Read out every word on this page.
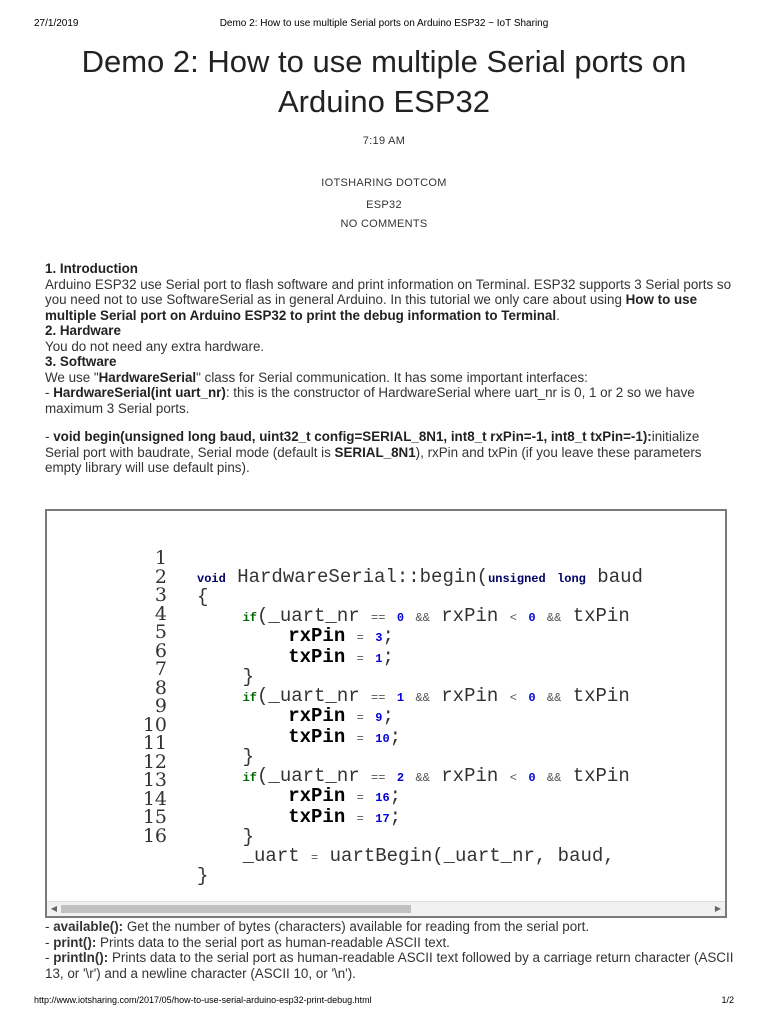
27/1/2019	Demo 2: How to use multiple Serial ports on Arduino ESP32 ~ IoT Sharing
Demo 2: How to use multiple Serial ports on Arduino ESP32
7:19 AM
IOTSHARING DOTCOM
ESP32
NO COMMENTS

1. Introduction

Arduino ESP32 use Serial port to flash software and print information on Terminal. ESP32 supports 3 Serial ports so you need not to use SoftwareSerial as in general Arduino. In this tutorial we only care about using How to use multiple Serial port on Arduino ESP32 to print the debug information to Terminal.

2. Hardware

You do not need any extra hardware.

3. Software

We use "HardwareSerial" class for Serial communication. It has some important interfaces:

- HardwareSerial(int uart_nr): this is the constructor of HardwareSerial where uart_nr is 0, 1 or 2 so we have maximum 3 Serial ports.

- void begin(unsigned long baud, uint32_t config=SERIAL_8N1, int8_t rxPin=-1, int8_t txPin=-1):initialize Serial port with baudrate, Serial mode (default is SERIAL_8N1), rxPin and txPin (if you leave these parameters empty library will use default pins).

1
2
3
4
5
6
7
8
9
10
11
12
13
14
15
16

void HardwareSerial::begin(unsigned long baud
{
if(_uart_nr == 0 && rxPin < 0 && txPin
rxPin = 3;
txPin = 1;
}
if(_uart_nr == 1 && rxPin < 0 && txPin
rxPin = 9;
txPin = 10;
}
if(_uart_nr == 2 && rxPin < 0 && txPin
rxPin = 16;
txPin = 17;
}
_uart = uartBegin(_uart_nr, baud,
}

◀	▶

- available(): Get the number of bytes (characters) available for reading from the serial port.

- print(): Prints data to the serial port as human-readable ASCII text.

- println(): Prints data to the serial port as human-readable ASCII text followed by a carriage return character (ASCII 13, or '\r') and a newline character (ASCII 10, or '\n').

http://www.iotsharing.com/2017/05/how-to-use-serial-arduino-esp32-print-debug.html	1/2
